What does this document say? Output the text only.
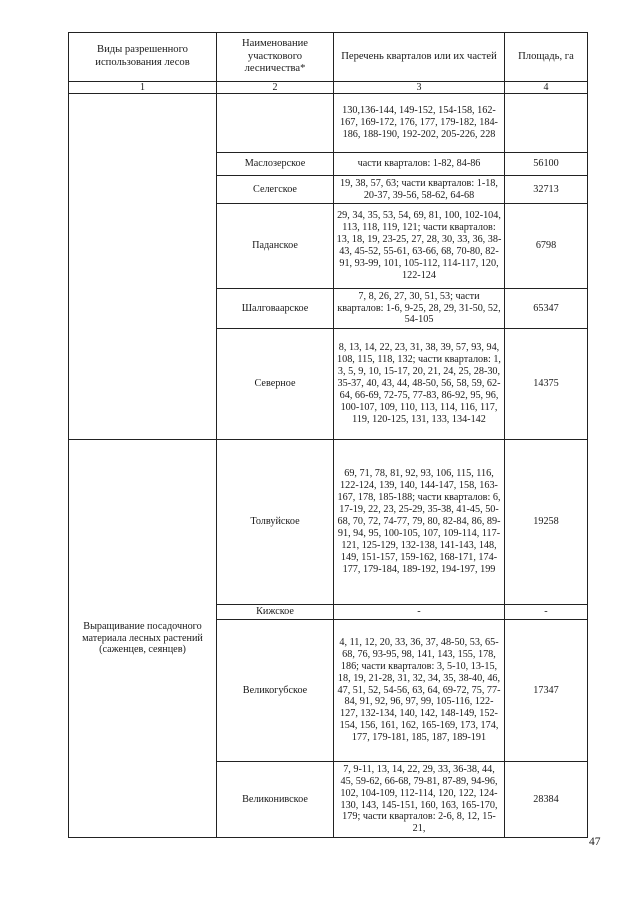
Виды разрешенного использования лесов	Наименование участкового лесничества*	Перечень кварталов или их частей	Площадь, га
1	2	3	4
		130,136-144, 149-152, 154-158, 162-167, 169-172, 176, 177, 179-182, 184-186, 188-190, 192-202, 205-226, 228	
	Маслозерское	части кварталов: 1-82, 84-86	56100
	Селегское	19, 38, 57, 63; части кварталов: 1-18, 20-37, 39-56, 58-62, 64-68	32713
	Паданское	29, 34, 35, 53, 54, 69, 81, 100, 102-104, 113, 118, 119, 121; части кварталов: 13, 18, 19, 23-25, 27, 28, 30, 33, 36, 38-43, 45-52, 55-61, 63-66, 68, 70-80, 82-91, 93-99, 101, 105-112, 114-117, 120, 122-124	6798
	Шалговаарское	7, 8, 26, 27, 30, 51, 53; части кварталов: 1-6, 9-25, 28, 29, 31-50, 52, 54-105	65347
	Северное	8, 13, 14, 22, 23, 31, 38, 39, 57, 93, 94, 108, 115, 118, 132; части кварталов: 1, 3, 5, 9, 10, 15-17, 20, 21, 24, 25, 28-30, 35-37, 40, 43, 44, 48-50, 56, 58, 59, 62-64, 66-69, 72-75, 77-83, 86-92, 95, 96, 100-107, 109, 110, 113, 114, 116, 117, 119, 120-125, 131, 133, 134-142	14375
Выращивание посадочного материала лесных растений (саженцев, сеянцев)	Толвуйское	69, 71, 78, 81, 92, 93, 106, 115, 116, 122-124, 139, 140, 144-147, 158, 163-167, 178, 185-188; части кварталов: 6, 17-19, 22, 23, 25-29, 35-38, 41-45, 50-68, 70, 72, 74-77, 79, 80, 82-84, 86, 89-91, 94, 95, 100-105, 107, 109-114, 117-121, 125-129, 132-138, 141-143, 148, 149, 151-157, 159-162, 168-171, 174-177, 179-184, 189-192, 194-197, 199	19258
	Кижское	-	-
	Великогубское	4, 11, 12, 20, 33, 36, 37, 48-50, 53, 65-68, 76, 93-95, 98, 141, 143, 155, 178, 186; части кварталов: 3, 5-10, 13-15, 18, 19, 21-28, 31, 32, 34, 35, 38-40, 46, 47, 51, 52, 54-56, 63, 64, 69-72, 75, 77-84, 91, 92, 96, 97, 99, 105-116, 122-127, 132-134, 140, 142, 148-149, 152-154, 156, 161, 162, 165-169, 173, 174, 177, 179-181, 185, 187, 189-191	17347
	Великонивское	7, 9-11, 13, 14, 22, 29, 33, 36-38, 44, 45, 59-62, 66-68, 79-81, 87-89, 94-96, 102, 104-109, 112-114, 120, 122, 124-130, 143, 145-151, 160, 163, 165-170, 179; части кварталов: 2-6, 8, 12, 15-21,	28384
47
